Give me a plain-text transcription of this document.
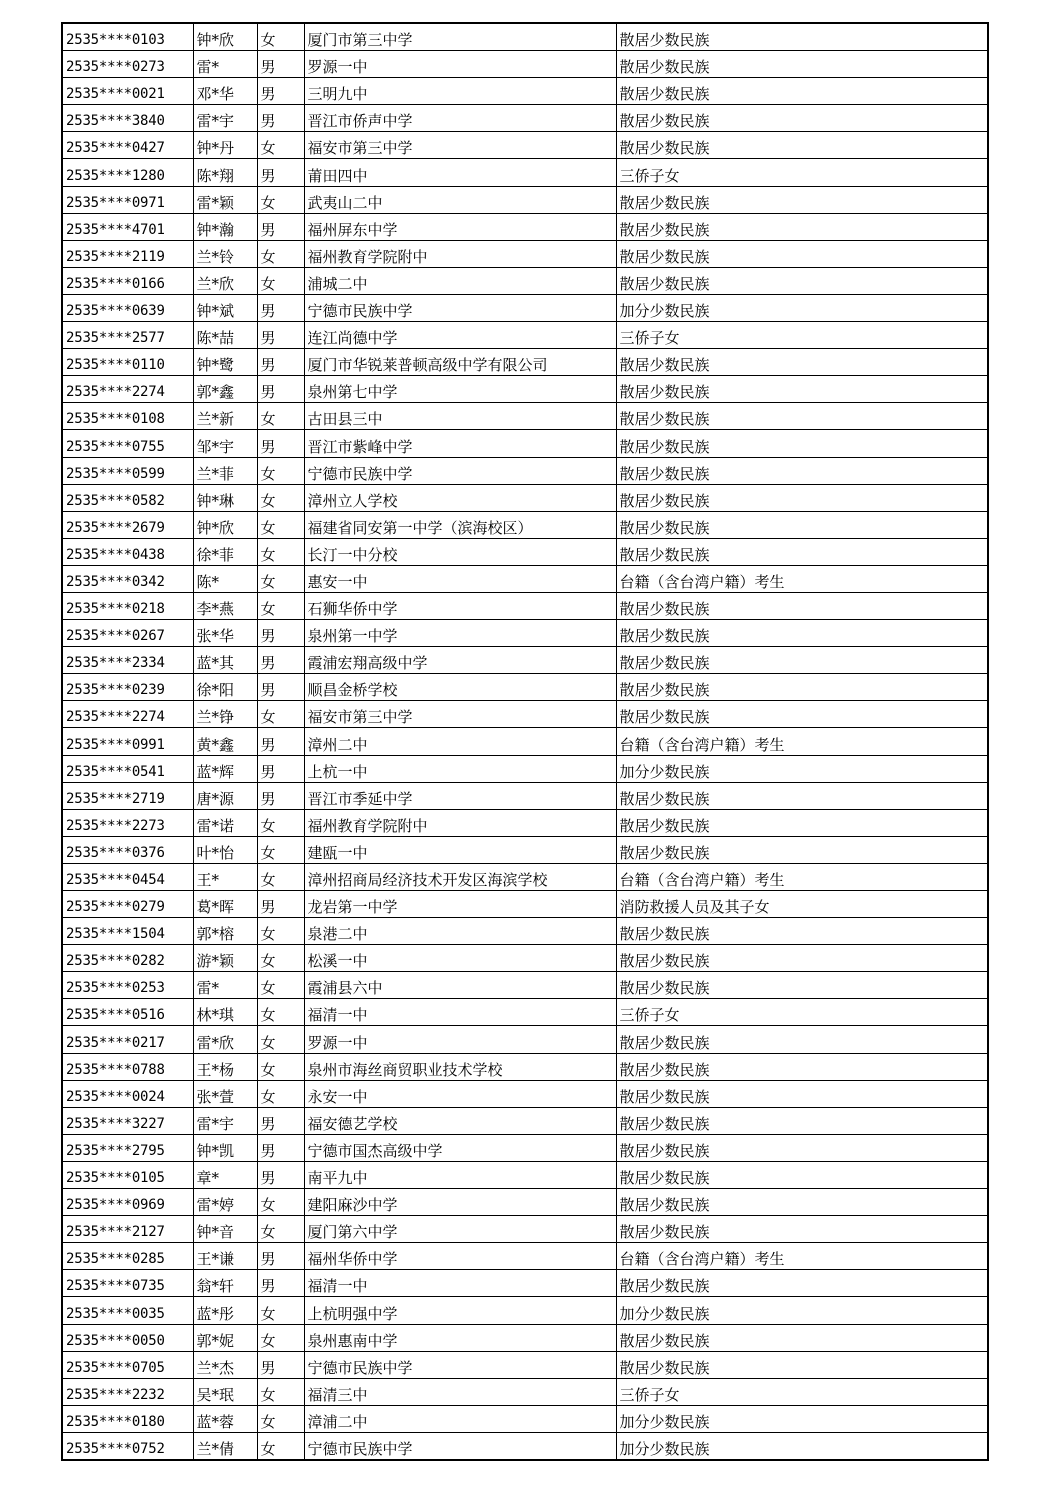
2535****0103	钟*欣	女	厦门市第三中学	散居少数民族
2535****0273	雷*	男	罗源一中	散居少数民族
2535****0021	邓*华	男	三明九中	散居少数民族
2535****3840	雷*宇	男	晋江市侨声中学	散居少数民族
2535****0427	钟*丹	女	福安市第三中学	散居少数民族
2535****1280	陈*翔	男	莆田四中	三侨子女
2535****0971	雷*颖	女	武夷山二中	散居少数民族
2535****4701	钟*瀚	男	福州屏东中学	散居少数民族
2535****2119	兰*铃	女	福州教育学院附中	散居少数民族
2535****0166	兰*欣	女	浦城二中	散居少数民族
2535****0639	钟*斌	男	宁德市民族中学	加分少数民族
2535****2577	陈*喆	男	连江尚德中学	三侨子女
2535****0110	钟*鹭	男	厦门市华锐莱普顿高级中学有限公司	散居少数民族
2535****2274	郭*鑫	男	泉州第七中学	散居少数民族
2535****0108	兰*新	女	古田县三中	散居少数民族
2535****0755	邹*宇	男	晋江市紫峰中学	散居少数民族
2535****0599	兰*菲	女	宁德市民族中学	散居少数民族
2535****0582	钟*琳	女	漳州立人学校	散居少数民族
2535****2679	钟*欣	女	福建省同安第一中学（滨海校区）	散居少数民族
2535****0438	徐*菲	女	长汀一中分校	散居少数民族
2535****0342	陈*	女	惠安一中	台籍（含台湾户籍）考生
2535****0218	李*燕	女	石狮华侨中学	散居少数民族
2535****0267	张*华	男	泉州第一中学	散居少数民族
2535****2334	蓝*其	男	霞浦宏翔高级中学	散居少数民族
2535****0239	徐*阳	男	顺昌金桥学校	散居少数民族
2535****2274	兰*铮	女	福安市第三中学	散居少数民族
2535****0991	黄*鑫	男	漳州二中	台籍（含台湾户籍）考生
2535****0541	蓝*辉	男	上杭一中	加分少数民族
2535****2719	唐*源	男	晋江市季延中学	散居少数民族
2535****2273	雷*诺	女	福州教育学院附中	散居少数民族
2535****0376	叶*怡	女	建瓯一中	散居少数民族
2535****0454	王*	女	漳州招商局经济技术开发区海滨学校	台籍（含台湾户籍）考生
2535****0279	葛*晖	男	龙岩第一中学	消防救援人员及其子女
2535****1504	郭*榕	女	泉港二中	散居少数民族
2535****0282	游*颖	女	松溪一中	散居少数民族
2535****0253	雷*	女	霞浦县六中	散居少数民族
2535****0516	林*琪	女	福清一中	三侨子女
2535****0217	雷*欣	女	罗源一中	散居少数民族
2535****0788	王*杨	女	泉州市海丝商贸职业技术学校	散居少数民族
2535****0024	张*萱	女	永安一中	散居少数民族
2535****3227	雷*宇	男	福安德艺学校	散居少数民族
2535****2795	钟*凯	男	宁德市国杰高级中学	散居少数民族
2535****0105	章*	男	南平九中	散居少数民族
2535****0969	雷*婷	女	建阳麻沙中学	散居少数民族
2535****2127	钟*音	女	厦门第六中学	散居少数民族
2535****0285	王*谦	男	福州华侨中学	台籍（含台湾户籍）考生
2535****0735	翁*轩	男	福清一中	散居少数民族
2535****0035	蓝*彤	女	上杭明强中学	加分少数民族
2535****0050	郭*妮	女	泉州惠南中学	散居少数民族
2535****0705	兰*杰	男	宁德市民族中学	散居少数民族
2535****2232	吴*珉	女	福清三中	三侨子女
2535****0180	蓝*蓉	女	漳浦二中	加分少数民族
2535****0752	兰*倩	女	宁德市民族中学	加分少数民族
